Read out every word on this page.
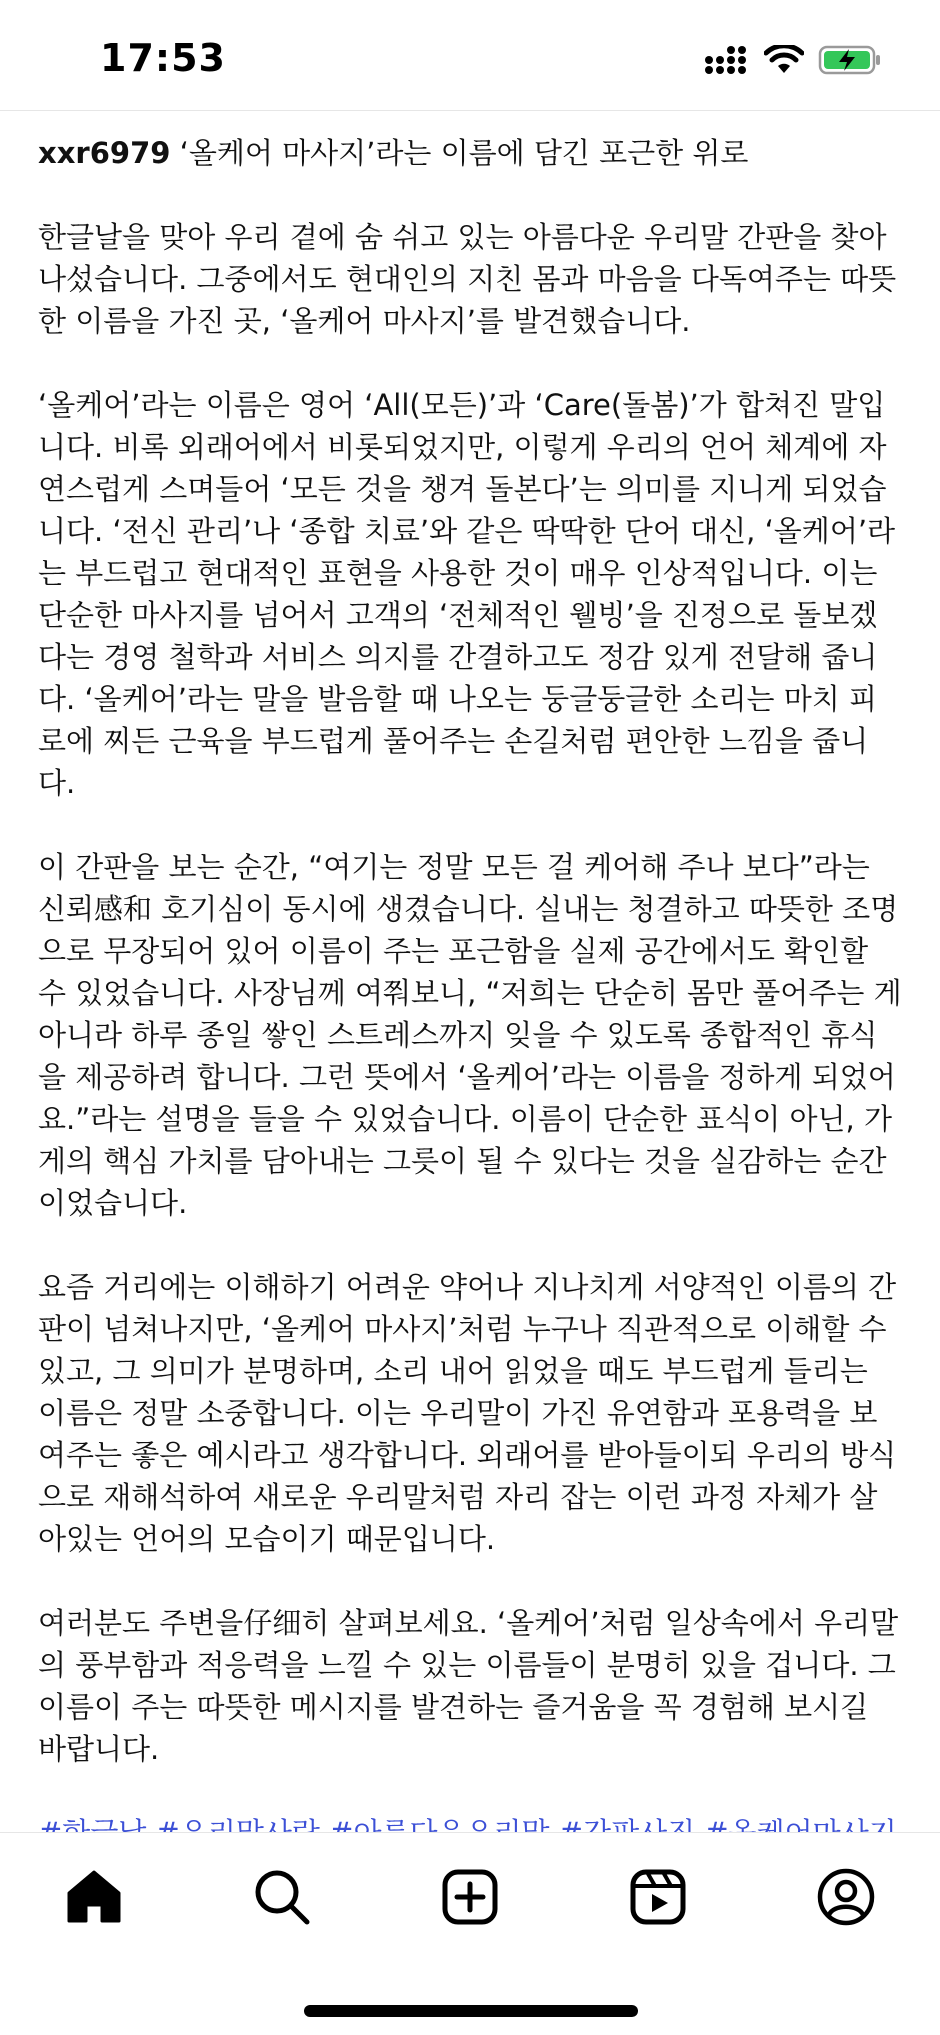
17:53

xxr6979 ‘올케어 마사지’라는 이름에 담긴 포근한 위로

한글날을 맞아 우리 곁에 숨 쉬고 있는 아름다운 우리말 간판을 찾아 나섰습니다. 그중에서도 현대인의 지친 몸과 마음을 다독여주는 따뜻한 이름을 가진 곳, ‘올케어 마사지’를 발견했습니다.

‘올케어’라는 이름은 영어 ‘All(모든)’과 ‘Care(돌봄)’가 합쳐진 말입니다. 비록 외래어에서 비롯되었지만, 이렇게 우리의 언어 체계에 자연스럽게 스며들어 ‘모든 것을 챙겨 돌본다’는 의미를 지니게 되었습니다. ‘전신 관리’나 ‘종합 치료’와 같은 딱딱한 단어 대신, ‘올케어’라는 부드럽고 현대적인 표현을 사용한 것이 매우 인상적입니다. 이는 단순한 마사지를 넘어서 고객의 ‘전체적인 웰빙’을 진정으로 돌보겠다는 경영 철학과 서비스 의지를 간결하고도 정감 있게 전달해 줍니다. ‘올케어’라는 말을 발음할 때 나오는 둥글둥글한 소리는 마치 피로에 찌든 근육을 부드럽게 풀어주는 손길처럼 편안한 느낌을 줍니다.

이 간판을 보는 순간, “여기는 정말 모든 걸 케어해 주나 보다”라는 신뢰感和 호기심이 동시에 생겼습니다. 실내는 청결하고 따뜻한 조명으로 무장되어 있어 이름이 주는 포근함을 실제 공간에서도 확인할 수 있었습니다. 사장님께 여쭤보니, “저희는 단순히 몸만 풀어주는 게 아니라 하루 종일 쌓인 스트레스까지 잊을 수 있도록 종합적인 휴식을 제공하려 합니다. 그런 뜻에서 ‘올케어’라는 이름을 정하게 되었어요.”라는 설명을 들을 수 있었습니다. 이름이 단순한 표식이 아닌, 가게의 핵심 가치를 담아내는 그릇이 될 수 있다는 것을 실감하는 순간이었습니다.

요즘 거리에는 이해하기 어려운 약어나 지나치게 서양적인 이름의 간판이 넘쳐나지만, ‘올케어 마사지’처럼 누구나 직관적으로 이해할 수 있고, 그 의미가 분명하며, 소리 내어 읽었을 때도 부드럽게 들리는 이름은 정말 소중합니다. 이는 우리말이 가진 유연함과 포용력을 보여주는 좋은 예시라고 생각합니다. 외래어를 받아들이되 우리의 방식으로 재해석하여 새로운 우리말처럼 자리 잡는 이런 과정 자체가 살아있는 언어의 모습이기 때문입니다.

여러분도 주변을仔细히 살펴보세요. ‘올케어’처럼 일상속에서 우리말의 풍부함과 적응력을 느낄 수 있는 이름들이 분명히 있을 겁니다. 그 이름이 주는 따뜻한 메시지를 발견하는 즐거움을 꼭 경험해 보시길 바랍니다.
